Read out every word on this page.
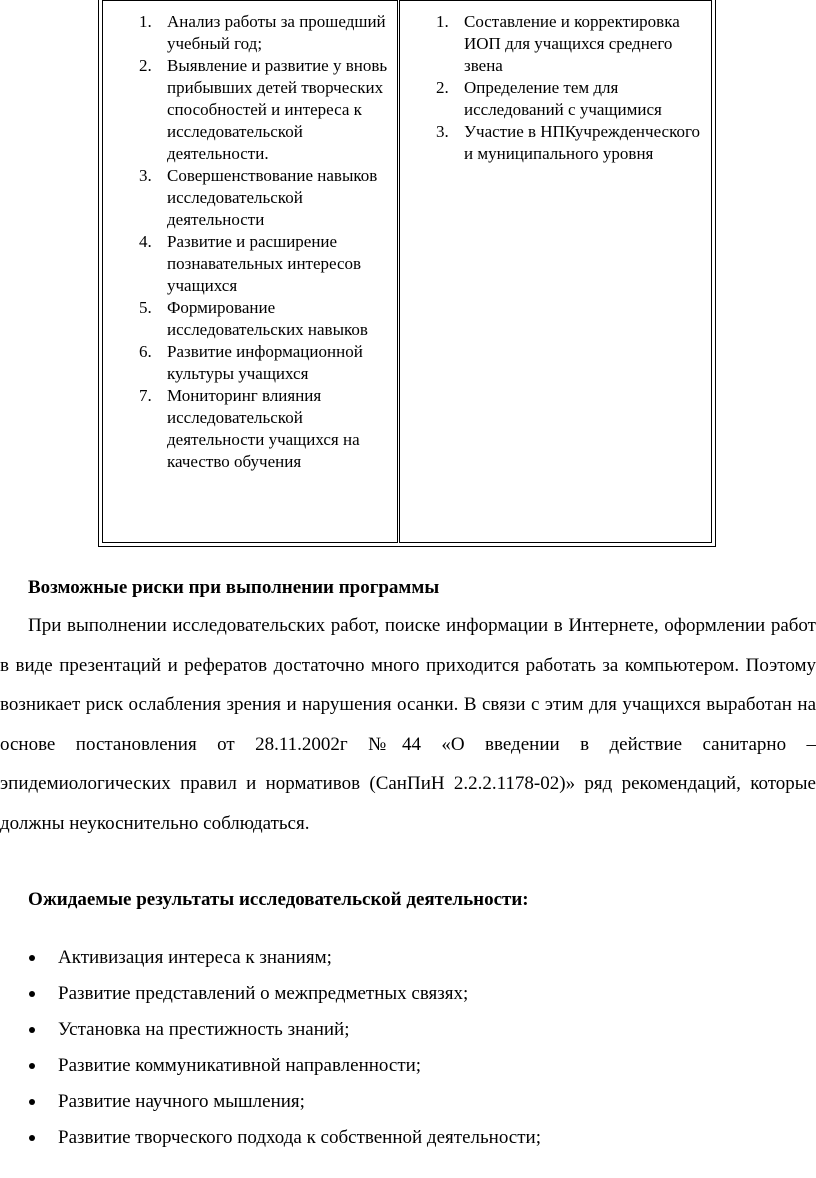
1. Анализ работы за прошедший учебный год;
2. Выявление и развитие у вновь прибывших детей творческих способностей и интереса к исследовательской деятельности.
3. Совершенствование навыков исследовательской деятельности
4. Развитие и расширение познавательных интересов учащихся
5. Формирование исследовательских навыков
6. Развитие информационной культуры учащихся
7. Мониторинг влияния исследовательской деятельности учащихся на качество обучения
1. Составление и корректировка ИОП для учащихся среднего звена
2. Определение тем для исследований с учащимися
3. Участие в НПКучрежденческого и муниципального уровня
Возможные риски при выполнении программы
При выполнении исследовательских работ, поиске информации в Интернете, оформлении работ в виде презентаций и рефератов достаточно много приходится работать за компьютером. Поэтому возникает риск ослабления зрения и нарушения осанки. В связи с этим для учащихся выработан на основе постановления от 28.11.2002г №44 «О введении в действие санитарно – эпидемиологических правил и нормативов (СанПиН 2.2.2.1178-02)» ряд рекомендаций, которые должны неукоснительно соблюдаться.
Ожидаемые результаты исследовательской деятельности:
Активизация интереса к знаниям;
Развитие представлений о межпредметных связях;
Установка на престижность знаний;
Развитие коммуникативной направленности;
Развитие научного мышления;
Развитие творческого подхода к собственной деятельности;
